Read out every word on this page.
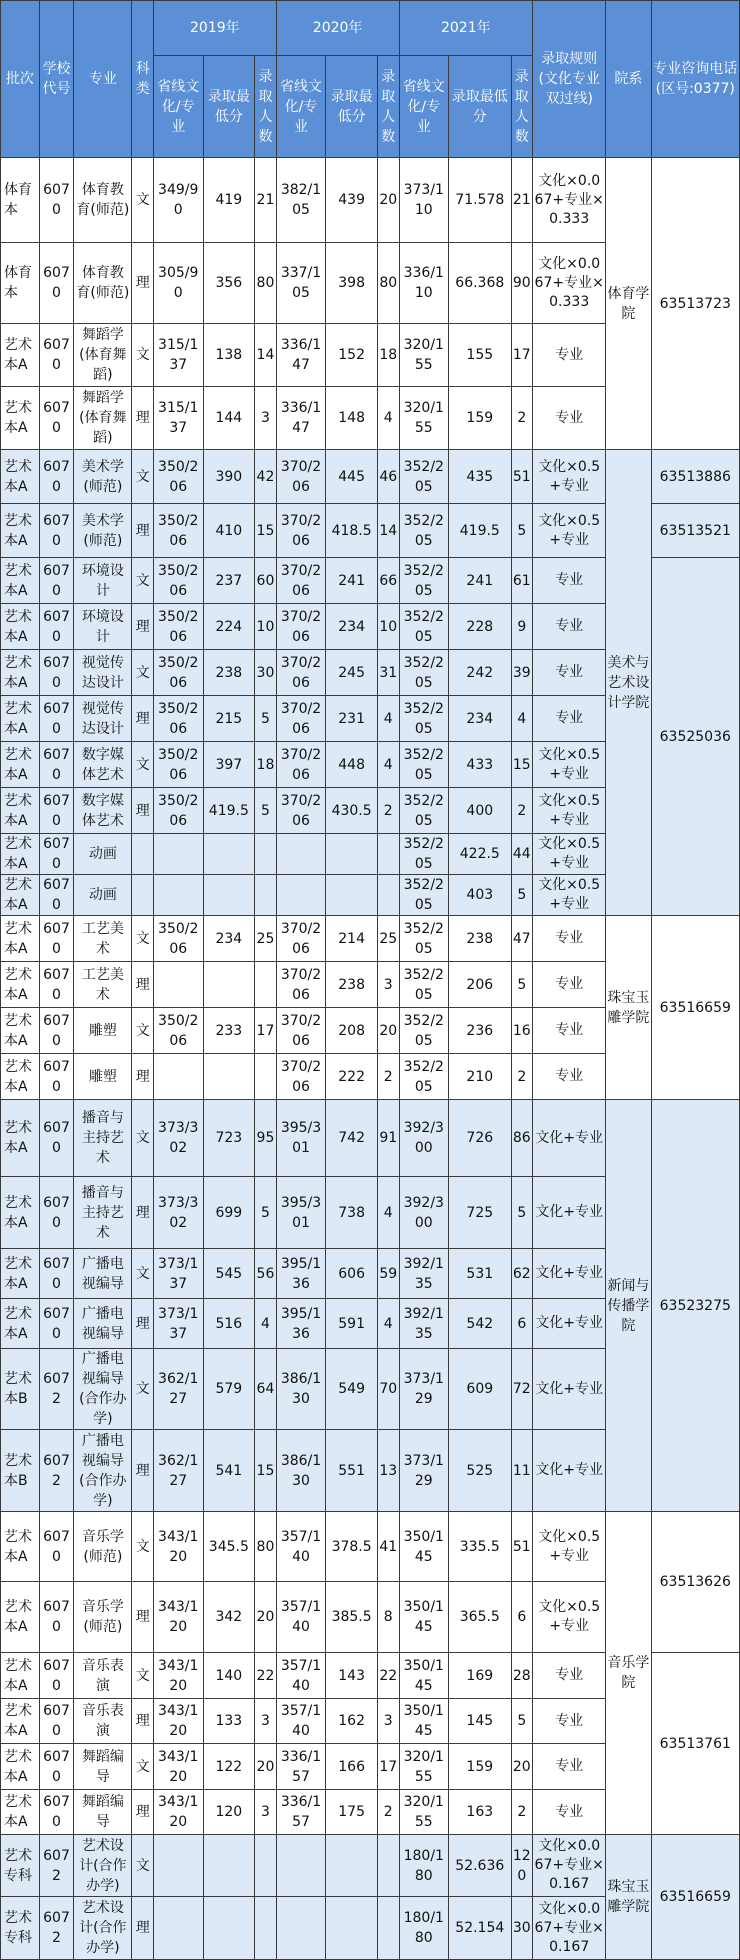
批次	学校代号	专业	科类	2019年			2020年			2021年			录取规则(文化专业双过线)	院系	专业咨询电话(区号:0377)
				省线文化/专业	录取最低分	录取人数	省线文化/专业	录取最低分	录取人数	省线文化/专业	录取最低分	录取人数			
体育本	6070	体育教育(师范)	文	349/90	419	21	382/105	439	20	373/110	71.578	21	文化×0.067+专业×0.333	体育学院	63513723
体育本	6070	体育教育(师范)	理	305/90	356	80	337/105	398	80	336/110	66.368	90	文化×0.067+专业×0.333		
艺术本A	6070	舞蹈学(体育舞蹈)	文	315/137	138	14	336/147	152	18	320/155	155	17	专业		
艺术本A	6070	舞蹈学(体育舞蹈)	理	315/137	144	3	336/147	148	4	320/155	159	2	专业		
艺术本A	6070	美术学(师范)	文	350/206	390	42	370/206	445	46	352/205	435	51	文化×0.5+专业	美术与艺术设计学院	63513886
艺术本A	6070	美术学(师范)	理	350/206	410	15	370/206	418.5	14	352/205	419.5	5	文化×0.5+专业		63513521
艺术本A	6070	环境设计	文	350/206	237	60	370/206	241	66	352/205	241	61	专业		63525036
艺术本A	6070	环境设计	理	350/206	224	10	370/206	234	10	352/205	228	9	专业		
艺术本A	6070	视觉传达设计	文	350/206	238	30	370/206	245	31	352/205	242	39	专业		
艺术本A	6070	视觉传达设计	理	350/206	215	5	370/206	231	4	352/205	234	4	专业		
艺术本A	6070	数字媒体艺术	文	350/206	397	18	370/206	448	4	352/205	433	15	文化×0.5+专业		
艺术本A	6070	数字媒体艺术	理	350/206	419.5	5	370/206	430.5	2	352/205	400	2	文化×0.5+专业		
艺术本A	6070	动画								352/205	422.5	44	文化×0.5+专业		
艺术本A	6070	动画								352/205	403	5	文化×0.5+专业		
艺术本A	6070	工艺美术	文	350/206	234	25	370/206	214	25	352/205	238	47	专业	珠宝玉雕学院	63516659
艺术本A	6070	工艺美术	理				370/206	238	3	352/205	206	5	专业		
艺术本A	6070	雕塑	文	350/206	233	17	370/206	208	20	352/205	236	16	专业		
艺术本A	6070	雕塑	理				370/206	222	2	352/205	210	2	专业		
艺术本A	6070	播音与主持艺术	文	373/302	723	95	395/301	742	91	392/300	726	86	文化+专业	新闻与传播学院	63523275
艺术本A	6070	播音与主持艺术	理	373/302	699	5	395/301	738	4	392/300	725	5	文化+专业		
艺术本A	6070	广播电视编导	文	373/137	545	56	395/136	606	59	392/135	531	62	文化+专业		
艺术本A	6070	广播电视编导	理	373/137	516	4	395/136	591	4	392/135	542	6	文化+专业		
艺术本B	6072	广播电视编导(合作办学)	文	362/127	579	64	386/130	549	70	373/129	609	72	文化+专业		
艺术本B	6072	广播电视编导(合作办学)	理	362/127	541	15	386/130	551	13	373/129	525	11	文化+专业		
艺术本A	6070	音乐学(师范)	文	343/120	345.5	80	357/140	378.5	41	350/145	335.5	51	文化×0.5+专业	音乐学院	63513626
艺术本A	6070	音乐学(师范)	理	343/120	342	20	357/140	385.5	8	350/145	365.5	6	文化×0.5+专业		
艺术本A	6070	音乐表演	文	343/120	140	22	357/140	143	22	350/145	169	28	专业		63513761
艺术本A	6070	音乐表演	理	343/120	133	3	357/140	162	3	350/145	145	5	专业		
艺术本A	6070	舞蹈编导	文	343/120	122	20	336/157	166	17	320/155	159	20	专业		
艺术本A	6070	舞蹈编导	理	343/120	120	3	336/157	175	2	320/155	163	2	专业		
艺术专科	6072	艺术设计(合作办学)	文							180/180	52.636	120	文化×0.067+专业×0.167	珠宝玉雕学院	63516659
艺术专科	6072	艺术设计(合作办学)	理							180/180	52.154	30	文化×0.067+专业×0.167		
